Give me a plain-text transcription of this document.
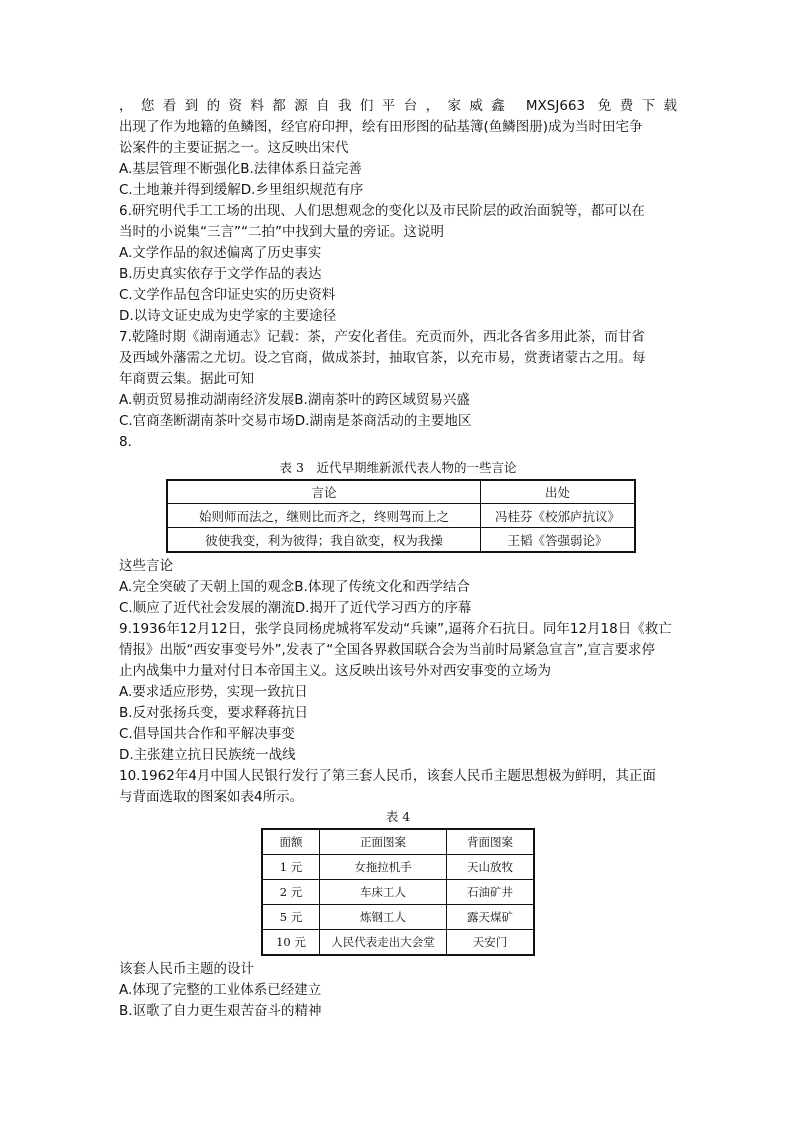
，您看到的资料都源自我们平台，家威鑫 MXSJ663 免费下载
出现了作为地籍的鱼鳞图，经官府印押，绘有田形图的砧基簿(鱼鳞图册)成为当时田宅争
讼案件的主要证据之一。这反映出宋代
A.基层管理不断强化B.法律体系日益完善
C.土地兼并得到缓解D.乡里组织规范有序
6.研究明代手工工场的出现、人们思想观念的变化以及市民阶层的政治面貌等，都可以在
当时的小说集“三言”“二拍”中找到大量的旁证。这说明
A.文学作品的叙述偏离了历史事实
B.历史真实依存于文学作品的表达
C.文学作品包含印证史实的历史资料
D.以诗文证史成为史学家的主要途径
7.乾隆时期《湖南通志》记载：茶，产安化者佳。充贡而外，西北各省多用此茶，而甘省
及西域外藩需之尤切。设之官商，做成茶封，抽取官茶，以充市易，赏赉诸蒙古之用。每
年商贾云集。据此可知
A.朝贡贸易推动湖南经济发展B.湖南茶叶的跨区域贸易兴盛
C.官商垄断湖南茶叶交易市场D.湖南是茶商活动的主要地区
8.
表 3　近代早期维新派代表人物的一些言论
言论	出处
始则师而法之，继则比而齐之，终则驾而上之	冯桂芬《校邠庐抗议》
彼使我变，利为彼得；我自欲变，权为我操	王韬《答强弱论》
这些言论
A.完全突破了天朝上国的观念B.体现了传统文化和西学结合
C.顺应了近代社会发展的潮流D.揭开了近代学习西方的序幕
9.1936年12月12日，张学良同杨虎城将军发动“兵谏”,逼蒋介石抗日。同年12月18日《救亡
情报》出版“西安事变号外”,发表了“全国各界救国联合会为当前时局紧急宣言”,宣言要求停
止内战集中力量对付日本帝国主义。这反映出该号外对西安事变的立场为
A.要求适应形势，实现一致抗日
B.反对张扬兵变，要求释蒋抗日
C.倡导国共合作和平解决事变
D.主张建立抗日民族统一战线
10.1962年4月中国人民银行发行了第三套人民币，该套人民币主题思想极为鲜明，其正面
与背面选取的图案如表4所示。
表 4
面额	正面图案	背面图案
1 元	女拖拉机手	天山放牧
2 元	车床工人	石油矿井
5 元	炼钢工人	露天煤矿
10 元	人民代表走出大会堂	天安门
该套人民币主题的设计
A.体现了完整的工业体系已经建立
B.讴歌了自力更生艰苦奋斗的精神
